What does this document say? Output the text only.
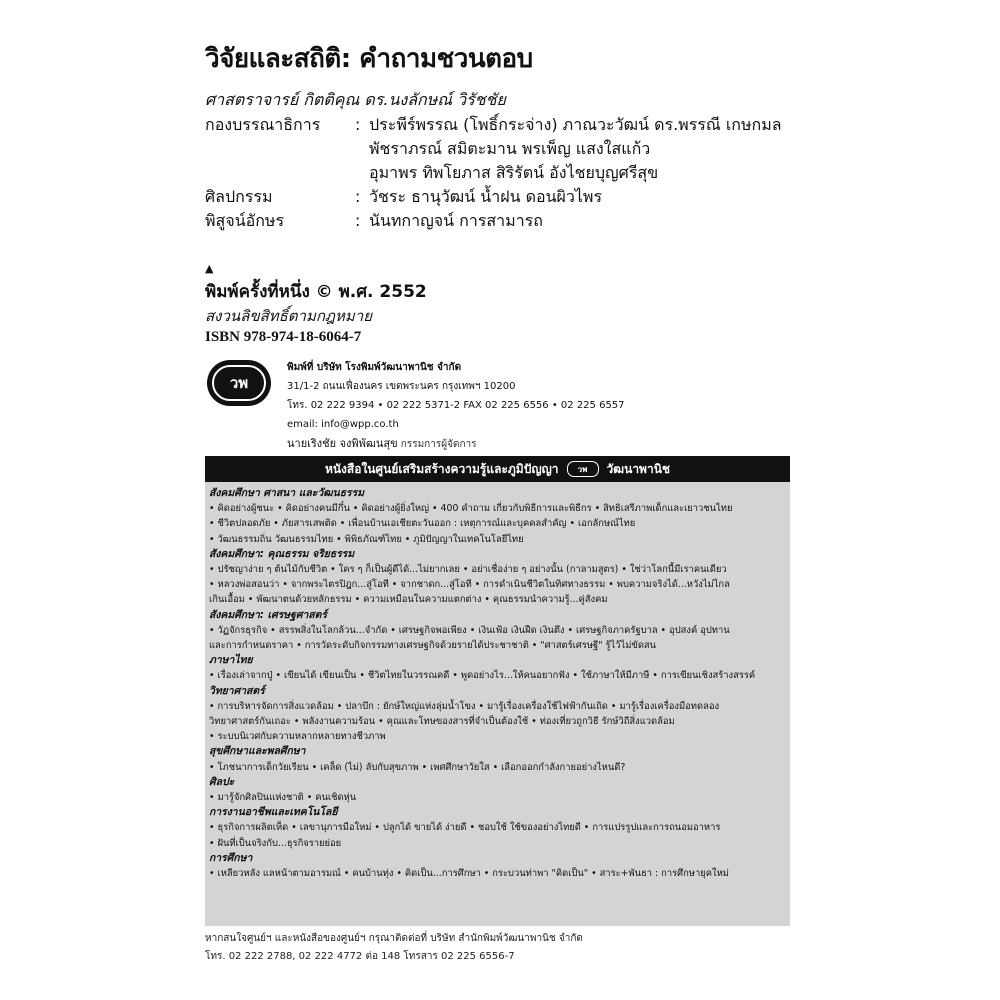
วิจัยและสถิติ: คำถามชวนตอบ
ศาสตราจารย์ กิตติคุณ ดร.นงลักษณ์ วิรัชชัย
กองบรรณาธิการ	: ประพีร์พรรณ (โพธิ์กระจ่าง) ภาณวะวัฒน์ ดร.พรรณี เกษกมล
พัชราภรณ์ สมิตะมาน พรเพ็ญ แสงใสแก้ว
อุมาพร ทิพโยภาส สิริรัตน์ อังไชยบุญศรีสุข
ศิลปกรรม	: วัชระ ธานุวัฒน์ น้ำฝน ดอนผิวไพร
พิสูจน์อักษร	: นันทกาญจน์ การสามารถ
▲
พิมพ์ครั้งที่หนึ่ง © พ.ศ. 2552
สงวนลิขสิทธิ์ตามกฎหมาย
ISBN 978-974-18-6064-7
วพ
พิมพ์ที่ บริษัท โรงพิมพ์วัฒนาพานิช จำกัด
31/1-2 ถนนเฟื่องนคร เขตพระนคร กรุงเทพฯ 10200
โทร. 02 222 9394 • 02 222 5371-2 FAX 02 225 6556 • 02 225 6557
email: info@wpp.co.th
นายเริงชัย จงพิพัฒนสุข กรรมการผู้จัดการ
หนังสือในศูนย์เสริมสร้างความรู้และภูมิปัญญา	วพ	วัฒนาพานิช
สังคมศึกษา ศาสนา และวัฒนธรรม
• คิดอย่างผู้ชนะ • คิดอย่างคนมีกึ๋น • คิดอย่างผู้ยิ่งใหญ่ • 400 คำถาม เกี่ยวกับพิธีการและพิธีกร • สิทธิเสรีภาพเด็กและเยาวชนไทย
• ชีวิตปลอดภัย • ภัยสารเสพติด • เพื่อนบ้านเอเชียตะวันออก : เหตุการณ์และบุคคลสำคัญ • เอกลักษณ์ไทย
• วัฒนธรรมถิ่น วัฒนธรรมไทย • พิพิธภัณฑ์ไทย • ภูมิปัญญาในเทคโนโลยีไทย
สังคมศึกษา: คุณธรรม จริยธรรม
• ปรัชญาง่าย ๆ ต้นไม้กับชีวิต • ใคร ๆ ก็เป็นผู้ดีได้...ไม่ยากเลย • อย่าเชื่อง่าย ๆ อย่างนั้น (กาลามสูตร) • ใช่ว่าโลกนี้มีเราคนเดียว
• หลวงพ่อสอนว่า • จากพระไตรปิฎก...สู่โอที • จากชาดก...สู่โอที • การดำเนินชีวิตในทิศทางธรรม • พบความจริงได้...หวังไม่ไกล
เกินเอื้อม • พัฒนาตนด้วยหลักธรรม • ความเหมือนในความแตกต่าง • คุณธรรมนำความรู้...คู่สังคม
สังคมศึกษา: เศรษฐศาสตร์
• วัฏจักรธุรกิจ • สรรพสิ่งในโลกล้วน...จำกัด • เศรษฐกิจพอเพียง • เงินเฟ้อ เงินฝืด เงินตึง • เศรษฐกิจภาครัฐบาล • อุปสงค์ อุปทาน
และการกำหนดราคา • การวัดระดับกิจกรรมทางเศรษฐกิจด้วยรายได้ประชาชาติ • "ศาสตร์เศรษฐี" รู้ไว้ไม่ขัดสน
ภาษาไทย
• เรื่องเล่าจากปู่ • เขียนได้ เขียนเป็น • ชีวิตไทยในวรรณคดี • พูดอย่างไร...ให้คนอยากฟัง • ใช้ภาษาให้มีภาษี • การเขียนเชิงสร้างสรรค์
วิทยาศาสตร์
• การบริหารจัดการสิ่งแวดล้อม • ปลาบึก : ยักษ์ใหญ่แห่งลุ่มน้ำโขง • มารู้เรื่องเครื่องใช้ไฟฟ้ากันเถิด • มารู้เรื่องเครื่องมือทดลอง
วิทยาศาสตร์กันเถอะ • พลังงานความร้อน • คุณและโทษของสารที่จำเป็นต้องใช้ • ท่องเที่ยวถูกวิธี รักษ์วิถีสิ่งแวดล้อม
• ระบบนิเวศกับความหลากหลายทางชีวภาพ
สุขศึกษาและพลศึกษา
• โภชนาการเด็กวัยเรียน • เคล็ด (ไม่) ลับกับสุขภาพ • เพศศึกษาวัยใส • เลือกออกกำลังกายอย่างไหนดี?
ศิลปะ
• มารู้จักศิลปินแห่งชาติ • คนเชิดหุ่น
การงานอาชีพและเทคโนโลยี
• ธุรกิจการผลิตเห็ด • เลขานุการมือใหม่ • ปลูกได้ ขายได้ ง่ายดี • ชอบใช้ ใช้ของอย่างไทยดี • การแปรรูปและการถนอมอาหาร
• ฝันที่เป็นจริงกับ...ธุรกิจรายย่อย
การศึกษา
• เหลียวหลัง แลหน้าตามอารมณ์ • คนบ้านทุ่ง • คิดเป็น...การศึกษา • กระบวนท่าพา "คิดเป็น" • สาระ+พันธา : การศึกษายุคใหม่
หากสนใจศูนย์ฯ และหนังสือของศูนย์ฯ กรุณาติดต่อที่ บริษัท สำนักพิมพ์วัฒนาพานิช จำกัด
โทร. 02 222 2788, 02 222 4772 ต่อ 148 โทรสาร 02 225 6556-7
